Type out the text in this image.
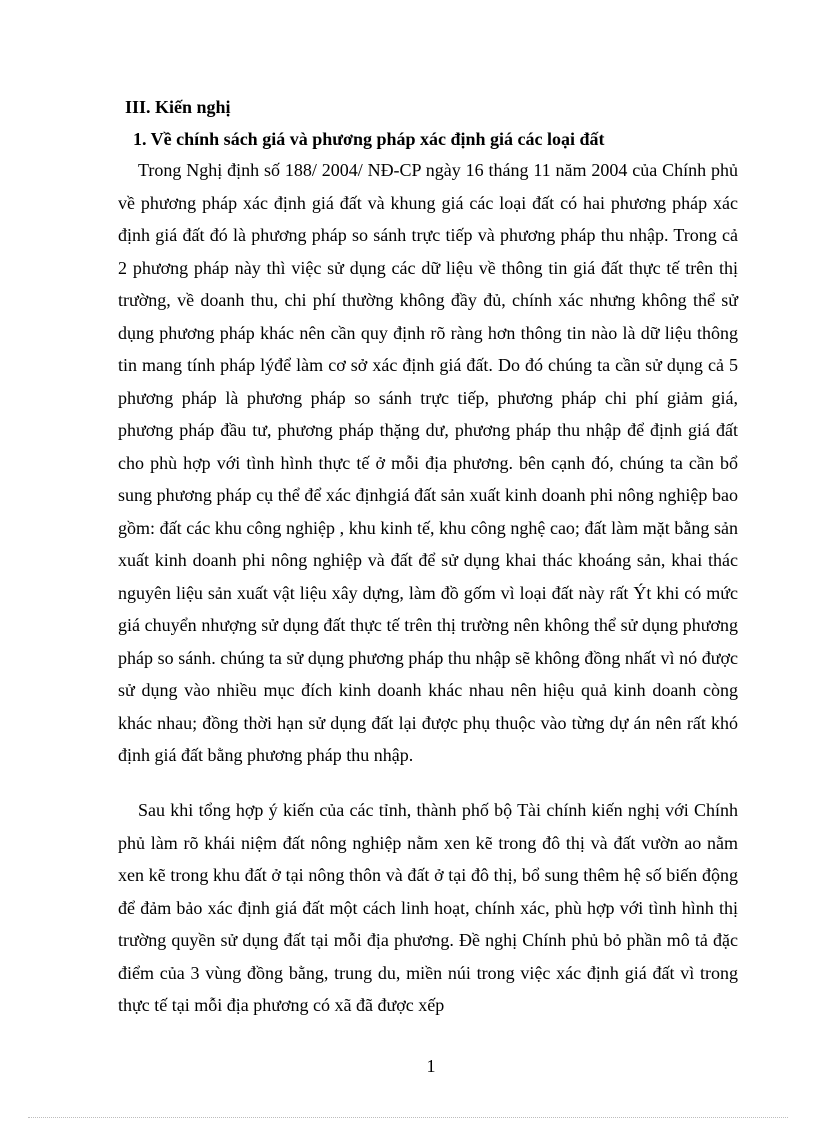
III. Kiến nghị
1. Về chính sách giá và phương pháp xác định giá các loại đất

Trong Nghị định số 188/ 2004/ NĐ-CP ngày 16 tháng 11 năm 2004 của Chính phủ về phương pháp xác định giá đất và khung giá các loại đất có hai phương pháp xác định giá đất đó là phương pháp so sánh trực tiếp và phương pháp thu nhập. Trong cả 2 phương pháp này thì việc sử dụng các dữ liệu về thông tin giá đất thực tế trên thị trường, về doanh thu, chi phí thường không đầy đủ, chính xác nhưng không thể sử dụng phương pháp khác nên cần quy định rõ ràng hơn thông tin nào là dữ liệu thông tin mang tính pháp lýđể làm cơ sở xác định giá đất. Do đó chúng ta cần sử dụng cả 5 phương pháp là phương pháp so sánh trực tiếp, phương pháp chi phí giảm giá, phương pháp đầu tư, phương pháp thặng dư, phương pháp thu nhập để định giá đất cho phù hợp với tình hình thực tế ở mỗi địa phương. bên cạnh đó, chúng ta cần bổ sung phương pháp cụ thể để xác địnhgiá đất sản xuất kinh doanh phi nông nghiệp bao gồm: đất các khu công nghiệp , khu kinh tế, khu công nghệ cao; đất làm mặt bằng sản xuất kinh doanh phi nông nghiệp và đất để sử dụng khai thác khoáng sản, khai thác nguyên liệu sản xuất vật liệu xây dựng, làm đồ gốm vì loại đất này rất Ýt khi có mức giá chuyển nhượng sử dụng đất thực tế trên thị trường nên không thể sử dụng phương pháp so sánh. chúng ta sử dụng phương pháp thu nhập sẽ không đồng nhất vì nó được sử dụng vào nhiều mục đích kinh doanh khác nhau nên hiệu quả kinh doanh còng khác nhau; đồng thời hạn sử dụng đất lại được phụ thuộc vào từng dự án nên rất khó định giá đất bằng phương pháp thu nhập.

Sau khi tổng hợp ý kiến của các tỉnh, thành phố bộ Tài chính kiến nghị với Chính phủ làm rõ khái niệm đất nông nghiệp nằm xen kẽ trong đô thị và đất vườn ao nằm xen kẽ trong khu đất ở tại nông thôn và đất ở tại đô thị, bổ sung thêm hệ số biến động để đảm bảo xác định giá đất một cách linh hoạt, chính xác, phù hợp với tình hình thị trường quyền sử dụng đất tại mỗi địa phương. Đề nghị Chính phủ bỏ phần mô tả đặc điểm của 3 vùng đồng bằng, trung du, miền núi trong việc xác định giá đất vì trong thực tế tại mỗi địa phương có xã đã được xếp

1
